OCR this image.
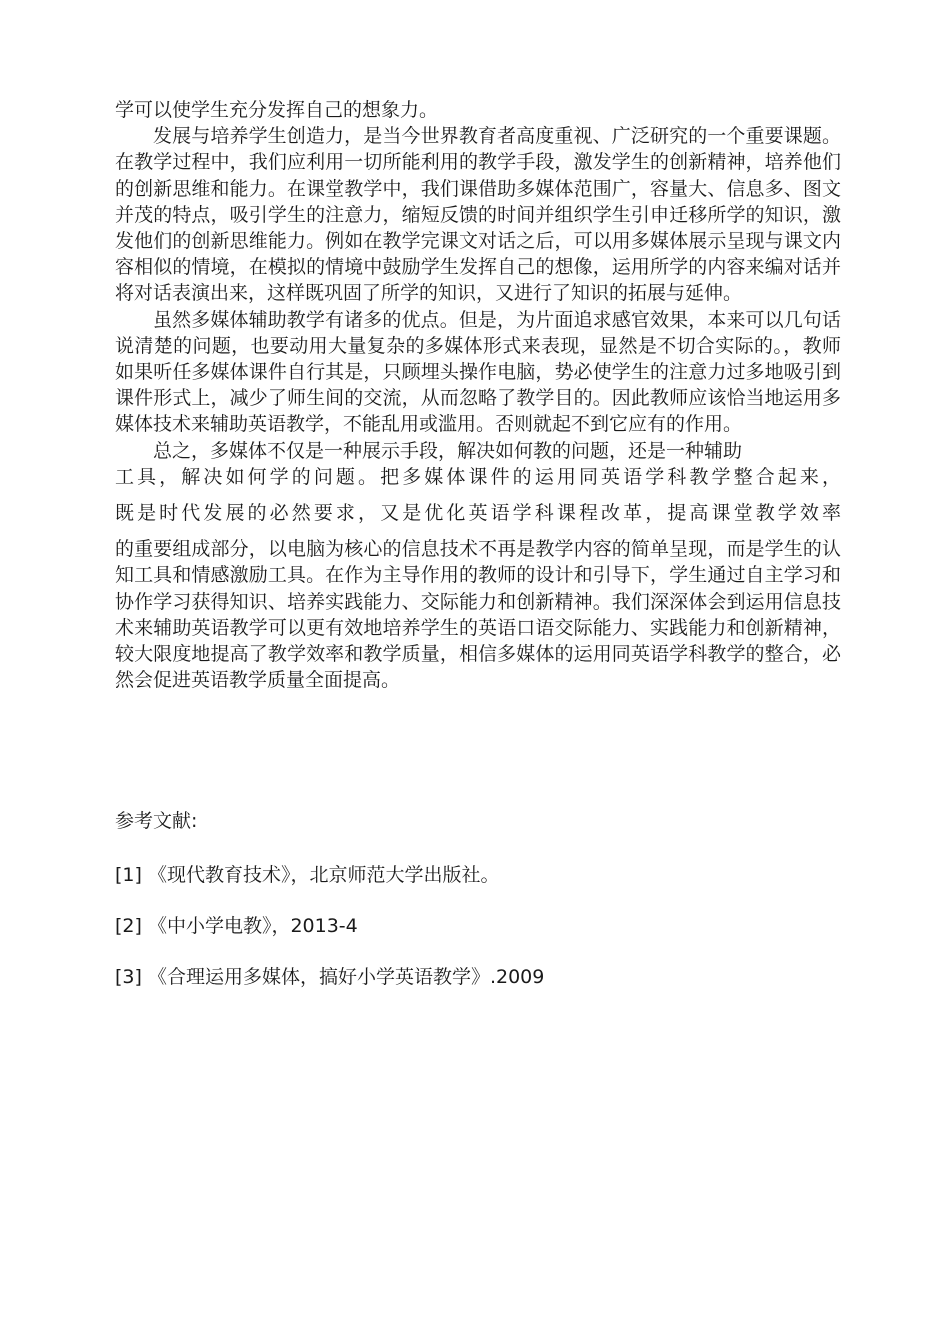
学可以使学生充分发挥自己的想象力。

发展与培养学生创造力，是当今世界教育者高度重视、广泛研究的一个重要课题。在教学过程中，我们应利用一切所能利用的教学手段，激发学生的创新精神，培养他们的创新思维和能力。在课堂教学中，我们课借助多媒体范围广，容量大、信息多、图文并茂的特点，吸引学生的注意力，缩短反馈的时间并组织学生引申迁移所学的知识，激发他们的创新思维能力。例如在教学完课文对话之后，可以用多媒体展示呈现与课文内容相似的情境，在模拟的情境中鼓励学生发挥自己的想像，运用所学的内容来编对话并将对话表演出来，这样既巩固了所学的知识，又进行了知识的拓展与延伸。

虽然多媒体辅助教学有诸多的优点。但是，为片面追求感官效果，本来可以几句话说清楚的问题，也要动用大量复杂的多媒体形式来表现，显然是不切合实际的。，教师如果听任多媒体课件自行其是，只顾埋头操作电脑，势必使学生的注意力过多地吸引到课件形式上，减少了师生间的交流，从而忽略了教学目的。因此教师应该恰当地运用多媒体技术来辅助英语教学，不能乱用或滥用。否则就起不到它应有的作用。

总之，多媒体不仅是一种展示手段，解决如何教的问题，还是一种辅助

工具，解决如何学的问题。把多媒体课件的运用同英语学科教学整合起来，
既是时代发展的必然要求，又是优化英语学科课程改革，提高课堂教学效率

的重要组成部分，以电脑为核心的信息技术不再是教学内容的简单呈现，而是学生的认知工具和情感激励工具。在作为主导作用的教师的设计和引导下，学生通过自主学习和协作学习获得知识、培养实践能力、交际能力和创新精神。我们深深体会到运用信息技术来辅助英语教学可以更有效地培养学生的英语口语交际能力、实践能力和创新精神，较大限度地提高了教学效率和教学质量，相信多媒体的运用同英语学科教学的整合，必然会促进英语教学质量全面提高。

参考文献:

[1] 《现代教育技术》，北京师范大学出版社。

[2] 《中小学电教》，2013-4

[3] 《合理运用多媒体，搞好小学英语教学》.2009
